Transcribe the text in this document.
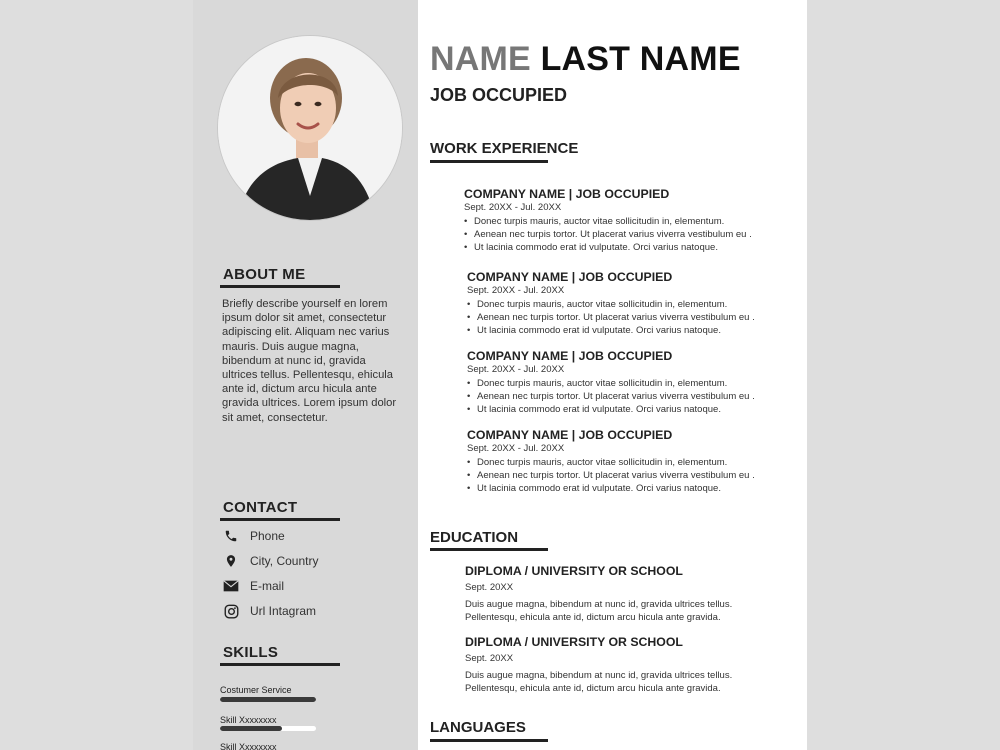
ABOUT ME
Briefly describe yourself en lorem ipsum dolor sit amet, consectetur adipiscing elit. Aliquam nec varius mauris. Duis augue magna, bibendum at nunc id, gravida ultrices tellus. Pellentesqu, ehicula ante id, dictum arcu hicula ante gravida ultrices. Lorem ipsum dolor sit amet, consectetur.
CONTACT
Phone
City, Country
E-mail
Url Intagram
SKILLS
Costumer Service
Skill Xxxxxxxx
Skill Xxxxxxxx
NAME LAST NAME
JOB OCCUPIED
WORK EXPERIENCE
COMPANY NAME | JOB OCCUPIED
Sept. 20XX - Jul. 20XX
• Donec turpis mauris, auctor vitae sollicitudin in, elementum.
• Aenean nec turpis tortor. Ut placerat varius viverra vestibulum eu .
• Ut lacinia commodo erat id vulputate. Orci varius natoque.
COMPANY NAME | JOB OCCUPIED
Sept. 20XX - Jul. 20XX
• Donec turpis mauris, auctor vitae sollicitudin in, elementum.
• Aenean nec turpis tortor. Ut placerat varius viverra vestibulum eu .
• Ut lacinia commodo erat id vulputate. Orci varius natoque.
COMPANY NAME | JOB OCCUPIED
Sept. 20XX - Jul. 20XX
• Donec turpis mauris, auctor vitae sollicitudin in, elementum.
• Aenean nec turpis tortor. Ut placerat varius viverra vestibulum eu .
• Ut lacinia commodo erat id vulputate. Orci varius natoque.
COMPANY NAME | JOB OCCUPIED
Sept. 20XX - Jul. 20XX
• Donec turpis mauris, auctor vitae sollicitudin in, elementum.
• Aenean nec turpis tortor. Ut placerat varius viverra vestibulum eu .
• Ut lacinia commodo erat id vulputate. Orci varius natoque.
EDUCATION
DIPLOMA / UNIVERSITY OR SCHOOL
Sept. 20XX
Duis augue magna, bibendum at nunc id, gravida ultrices tellus. Pellentesqu, ehicula ante id, dictum arcu hicula ante gravida.
DIPLOMA / UNIVERSITY OR SCHOOL
Sept. 20XX
Duis augue magna, bibendum at nunc id, gravida ultrices tellus. Pellentesqu, ehicula ante id, dictum arcu hicula ante gravida.
LANGUAGES
